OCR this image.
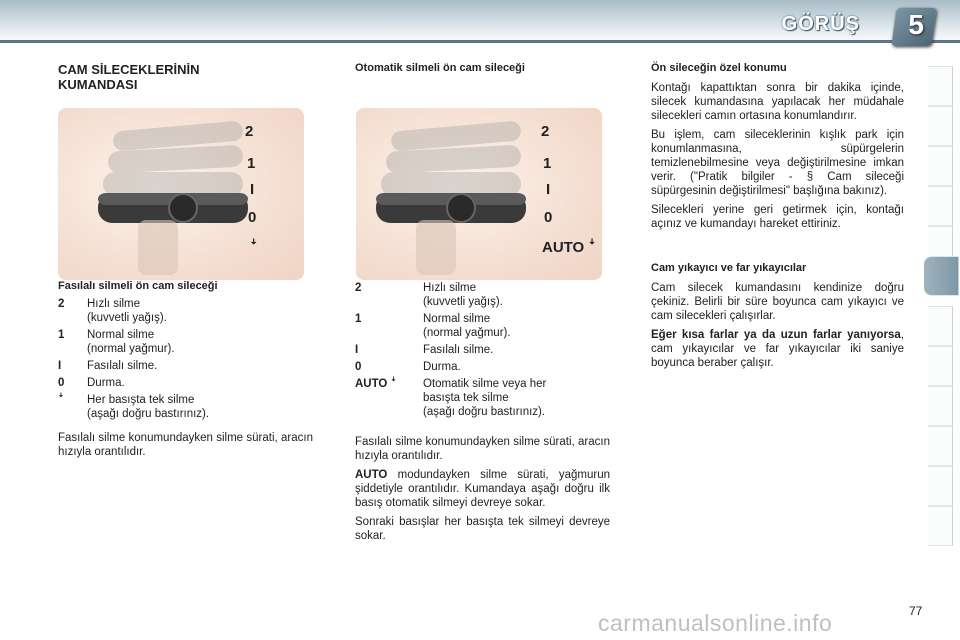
GÖRÜŞ 5
CAM SİLECEKLERİNİN KUMANDASI
Fasılalı silmeli ön cam sileceği
2	Hızlı silme
(kuvvetli yağış).
1	Normal silme
(normal yağmur).
I	Fasılalı silme.
0	Durma.
ꜜ	Her basışta tek silme
(aşağı doğru bastırınız).
Fasılalı silme konumundayken silme sürati, aracın hızıyla orantılıdır.
Otomatik silmeli ön cam sileceği
2	Hızlı silme
(kuvvetli yağış).
1	Normal silme
(normal yağmur).
I	Fasılalı silme.
0	Durma.
AUTO ꜜ	Otomatik silme veya her
basışta tek silme
(aşağı doğru bastırınız).
Fasılalı silme konumundayken silme sürati, aracın hızıyla orantılıdır.
AUTO modundayken silme sürati, yağmurun şiddetiyle orantılıdır. Kumandaya aşağı doğru ilk basış otomatik silmeyi devreye sokar.
Sonraki basışlar her basışta tek silmeyi devreye sokar.
Ön sileceğin özel konumu
Kontağı kapattıktan sonra bir dakika içinde, silecek kumandasına yapılacak her müdahale silecekleri camın ortasına konumlandırır.
Bu işlem, cam sileceklerinin kışlık park için konumlanmasına, süpürgelerin temizlenebilmesine veya değiştirilmesine imkan verir. ("Pratik bilgiler - § Cam sileceği süpürgesinin değiştirilmesi" başlığına bakınız).
Silecekleri yerine geri getirmek için, kontağı açınız ve kumandayı hareket ettiriniz.
Cam yıkayıcı ve far yıkayıcılar
Cam silecek kumandasını kendinize doğru çekiniz. Belirli bir süre boyunca cam yıkayıcı ve cam silecekleri çalışırlar.
Eğer kısa farlar ya da uzun farlar yanıyorsa, cam yıkayıcılar ve far yıkayıcılar iki saniye boyunca beraber çalışır.
2
1
I
0
ꜜ
2
1
I
0
AUTO ꜜ
77
carmanualsonline.info
